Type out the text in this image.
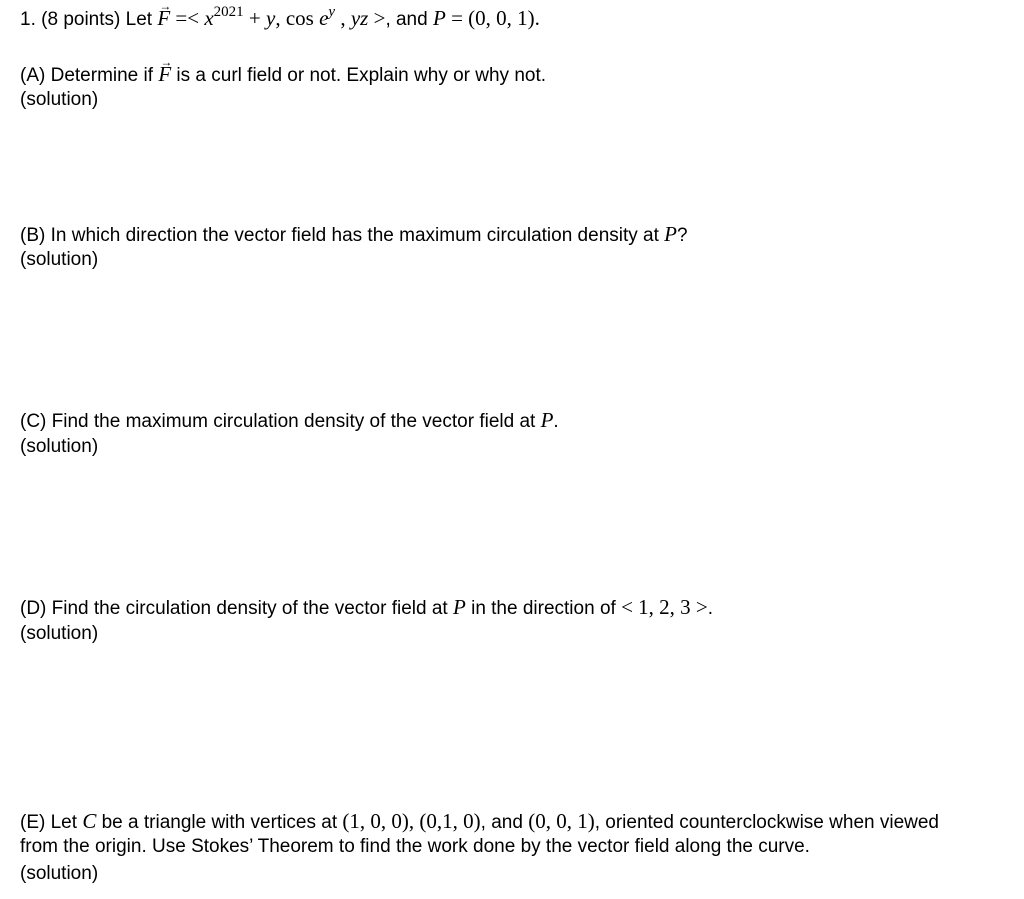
1. (8 points) Let → $F =< x^{2021} + y$, $\cos e^y$ , yz >, and P = (0, 0, 1).
(A) Determine if → F is a curl field or not. Explain why or why not.
(solution)
(B) In which direction the vector field has the maximum circulation density at P?
(solution)
(C) Find the maximum circulation density of the vector field at P.
(solution)
(D) Find the circulation density of the vector field at P in the direction of < 1, 2, 3 >.
(solution)
(E) Let C be a triangle with vertices at (1, 0, 0), (0,1, 0), and (0, 0, 1), oriented counterclockwise when viewed
from the origin. Use Stokes’ Theorem to find the work done by the vector field along the curve.
(solution)
